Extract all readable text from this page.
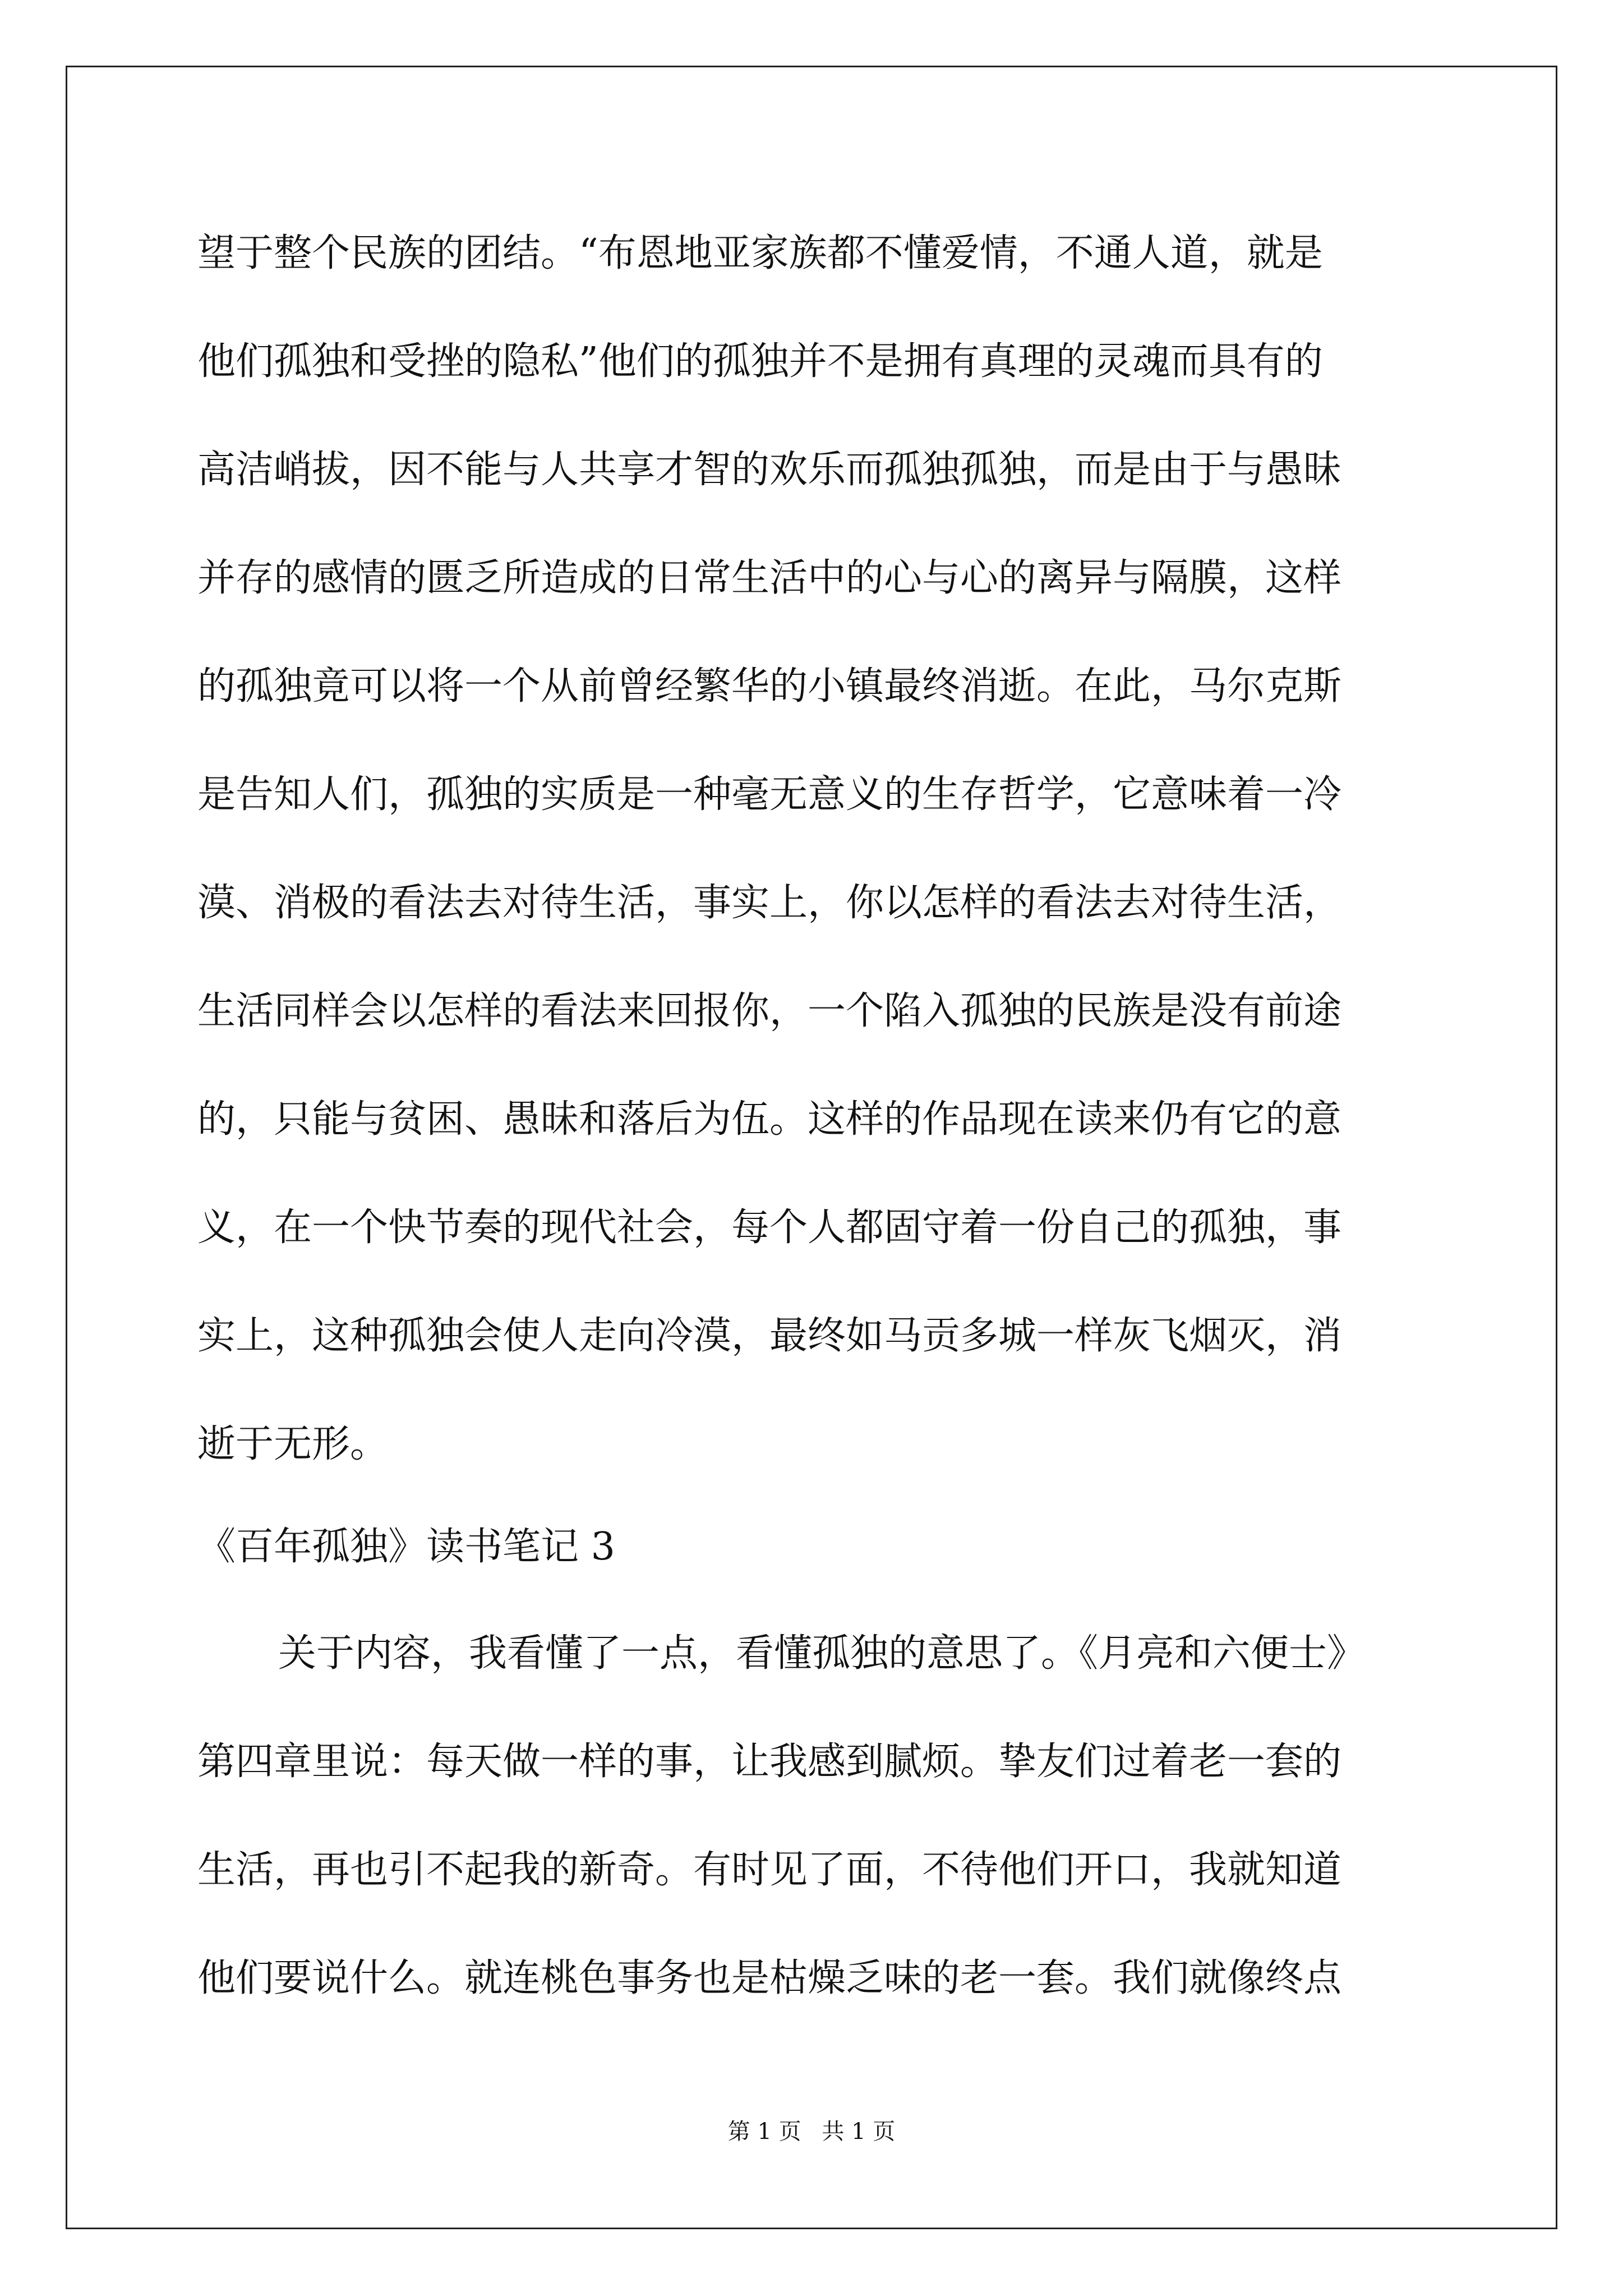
望于整个民族的团结。“布恩地亚家族都不懂爱情，不通人道，就是
他们孤独和受挫的隐私”他们的孤独并不是拥有真理的灵魂而具有的
高洁峭拔，因不能与人共享才智的欢乐而孤独孤独，而是由于与愚昧
并存的感情的匮乏所造成的日常生活中的心与心的离异与隔膜，这样
的孤独竟可以将一个从前曾经繁华的小镇最终消逝。在此，马尔克斯
是告知人们，孤独的实质是一种毫无意义的生存哲学，它意味着一冷
漠、消极的看法去对待生活，事实上，你以怎样的看法去对待生活，
生活同样会以怎样的看法来回报你，一个陷入孤独的民族是没有前途
的，只能与贫困、愚昧和落后为伍。这样的作品现在读来仍有它的意
义，在一个快节奏的现代社会，每个人都固守着一份自己的孤独，事
实上，这种孤独会使人走向冷漠，最终如马贡多城一样灰飞烟灭，消
逝于无形。
《百年孤独》读书笔记 3
关于内容，我看懂了一点，看懂孤独的意思了。《月亮和六便士》
第四章里说：每天做一样的事，让我感到腻烦。挚友们过着老一套的
生活，再也引不起我的新奇。有时见了面，不待他们开口，我就知道
他们要说什么。就连桃色事务也是枯燥乏味的老一套。我们就像终点
第 1 页 共 1 页
